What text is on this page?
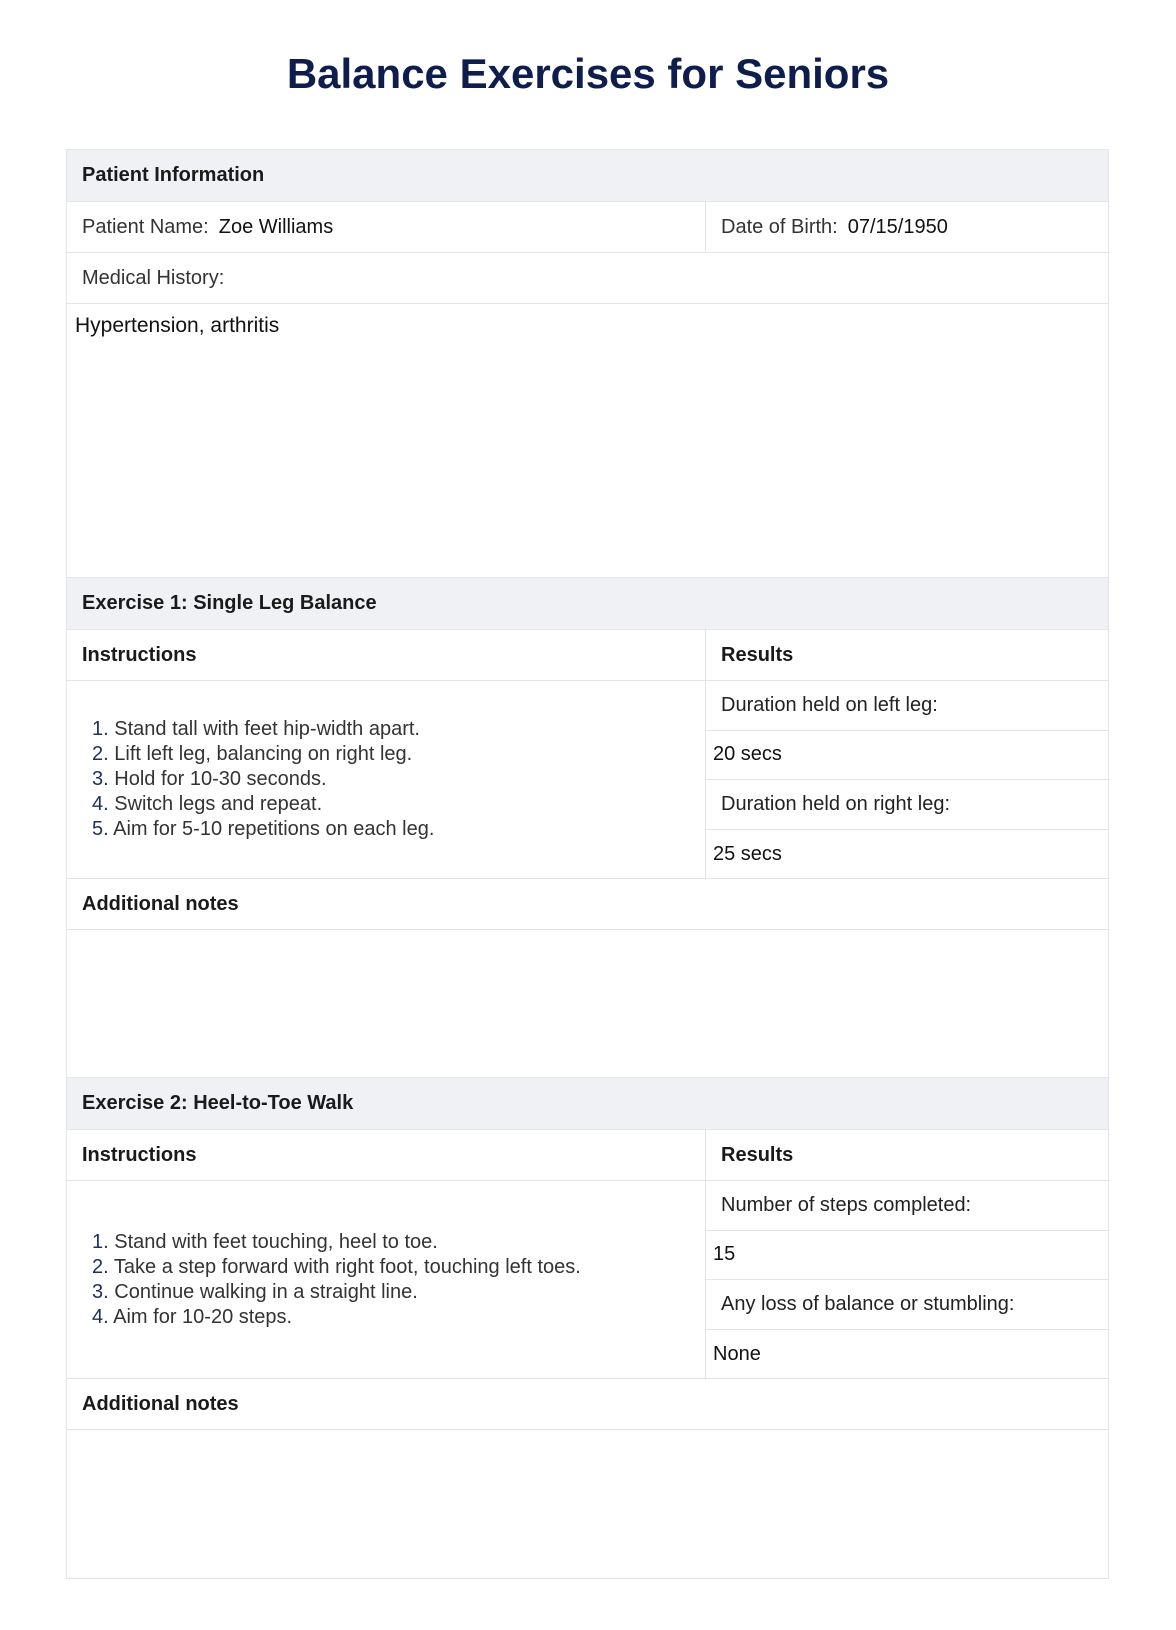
Balance Exercises for Seniors
Patient Information
Patient Name: Zoe Williams	Date of Birth: 07/15/1950
Medical History:
Hypertension, arthritis
Exercise 1: Single Leg Balance
Instructions	Results
1. Stand tall with feet hip-width apart.
2. Lift left leg, balancing on right leg.
3. Hold for 10-30 seconds.
4. Switch legs and repeat.
5. Aim for 5-10 repetitions on each leg.
Duration held on left leg:
20 secs
Duration held on right leg:
25 secs
Additional notes
Exercise 2: Heel-to-Toe Walk
Instructions	Results
1. Stand with feet touching, heel to toe.
2. Take a step forward with right foot, touching left toes.
3. Continue walking in a straight line.
4. Aim for 10-20 steps.
Number of steps completed:
15
Any loss of balance or stumbling:
None
Additional notes
